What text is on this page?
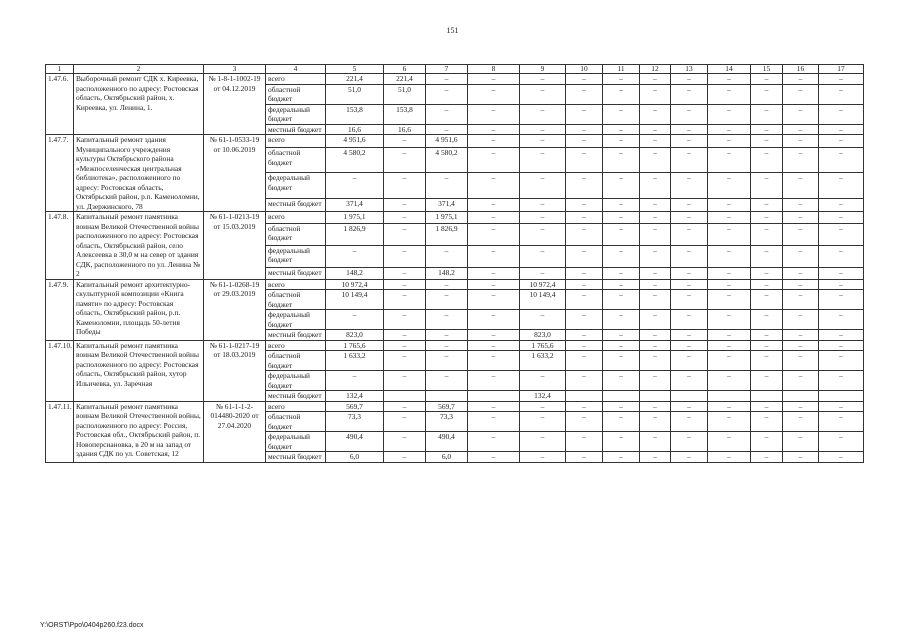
151
1	2	3	4	5	6	7	8	9	10	11	12	13	14	15	16	17
1.47.6.	Выборочный ремонт СДК х. Киреевка, расположенного по адресу: Ростовская область, Октябрьский район, х. Киреевка, ул. Ленина, 1.	№ 1-8-1-1002-19 от 04.12.2019	всего	221,4	221,4	–	–	–	–	–	–	–	–	–	–	–
			областной бюджет	51,0	51,0	–	–	–	–	–	–	–	–	–	–	–
			федеральный бюджет	153,8	153,8	–	–	–	–	–	–	–	–	–	–	–
			местный бюджет	16,6	16,6	–	–	–	–	–	–	–	–	–	–	–
1.47.7.	Капитальный ремонт здания Муниципального учреждения культуры Октябрьского района «Межпоселенческая центральная библиотека», расположенного по адресу: Ростовская область, Октябрьский район, р.п. Каменоломни, ул. Дзержинского, 78	№ 61-1-0533-19 от 10.06.2019	всего	4 951,6	–	4 951,6	–	–	–	–	–	–	–	–	–	–
			областной бюджет	4 580,2	–	4 580,2	–	–	–	–	–	–	–	–	–	–
			федеральный бюджет	–	–	–	–	–	–	–	–	–	–	–	–	–
			местный бюджет	371,4	–	371,4	–	–	–	–	–	–	–	–	–	–
1.47.8.	Капитальный ремонт памятника воинам Великой Отечественной войны расположенного по адресу: Ростовская область, Октябрьский район, село Алексеевка в 30,0 м на север от здания СДК, расположенного по ул. Ленина № 2	№ 61-1-0213-19 от 15.03.2019	всего	1 975,1	–	1 975,1	–	–	–	–	–	–	–	–	–	–
			областной бюджет	1 826,9	–	1 826,9	–	–	–	–	–	–	–	–	–	–
			федеральный бюджет	–	–	–	–	–	–	–	–	–	–	–	–	–
			местный бюджет	148,2	–	148,2	–	–	–	–	–	–	–	–	–	–
1.47.9.	Капитальный ремонт архитектурно-скульптурной композиции «Книга памяти» по адресу: Ростовская область, Октябрьский район, р.п. Каменоломни, площадь 50-летия Победы	№ 61-1-0268-19 от 29.03.2019	всего	10 972,4	–	–	–	10 972,4	–	–	–	–	–	–	–	–
			областной бюджет	10 149,4	–	–	–	10 149,4	–	–	–	–	–	–	–	–
			федеральный бюджет	–	–	–	–	–	–	–	–	–	–	–	–	–
			местный бюджет	823,0	–	–	–	823,0	–	–	–	–	–	–	–	–
1.47.10.	Капитальный ремонт памятника воинам Великой Отечественной войны расположенного по адресу: Ростовская область, Октябрьский район, хутор Ильичевка, ул. Заречная	№ 61-1-0217-19 от 18.03.2019	всего	1 765,6	–	–	–	1 765,6	–	–	–	–	–	–	–	–
			областной бюджет	1 633,2	–	–	–	1 633,2	–	–	–	–	–	–	–	–
			федеральный бюджет	–	–	–	–	–	–	–	–	–	–	–	–	–
			местный бюджет	132,4				132,4								
1.47.11.	Капитальный ремонт памятника воинам Великой Отечественной войны, расположенного по адресу: Россия, Ростовская обл., Октябрьский район, п. Новоперсиановка, в 20 м на запад от здания СДК по ул. Советская, 12	№ 61-1-1-2-014480-2020 от 27.04.2020	всего	569,7	–	569,7	–	–	–	–	–	–	–	–	–	–
			областной бюджет	73,3	–	73,3	–	–	–	–	–	–	–	–	–	–
			федеральный бюджет	490,4	–	490,4	–	–	–	–	–	–	–	–	–	–
			местный бюджет	6,0	–	6,0	–	–	–	–	–	–	–	–	–	–
Y:\ORST\Ppo\0404p260.f23.docx
